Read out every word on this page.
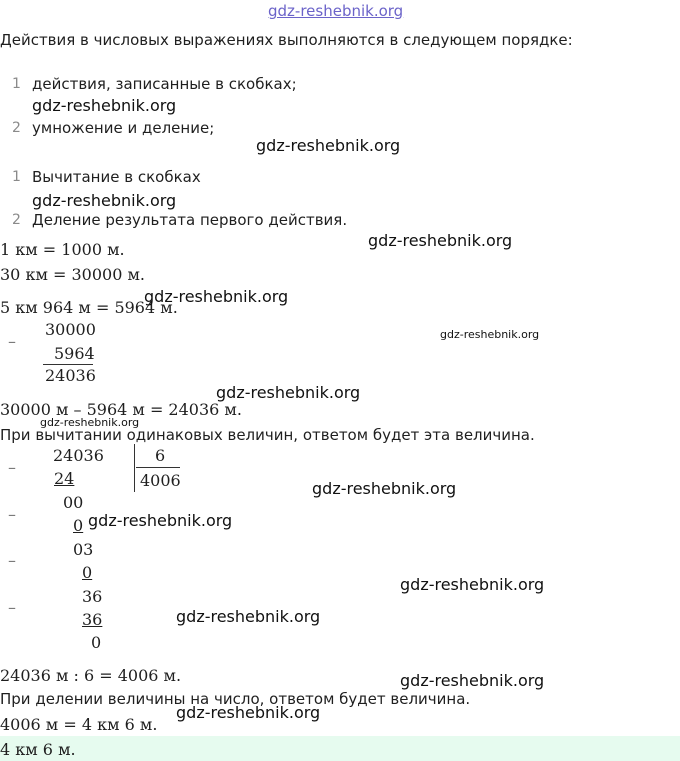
gdz-reshebnik.org
Действия в числовых выражениях выполняются в следующем порядке:
1 действия, записанные в скобках;
gdz-reshebnik.org
2 умножение и деление;
gdz-reshebnik.org
1 Вычитание в скобках
gdz-reshebnik.org
2 Деление результата первого действия.
1 км = 1000 м.	gdz-reshebnik.org
30 км = 30000 м.
5 км 964 м = 5964 м.
gdz-reshebnik.org
–
30000
5964
24036
gdz-reshebnik.org
gdz-reshebnik.org
30000 м – 5964 м = 24036 м.
gdz-reshebnik.org
При вычитании одинаковых величин, ответом будет эта величина.
–
–
–
–
24036	6
4006
24
00
0
03
0
36
36
0
gdz-reshebnik.org
gdz-reshebnik.org
gdz-reshebnik.org
gdz-reshebnik.org
24036 м : 6 = 4006 м.	gdz-reshebnik.org
При делении величины на число, ответом будет величина.
gdz-reshebnik.org
4006 м = 4 км 6 м.
4 км 6 м.
